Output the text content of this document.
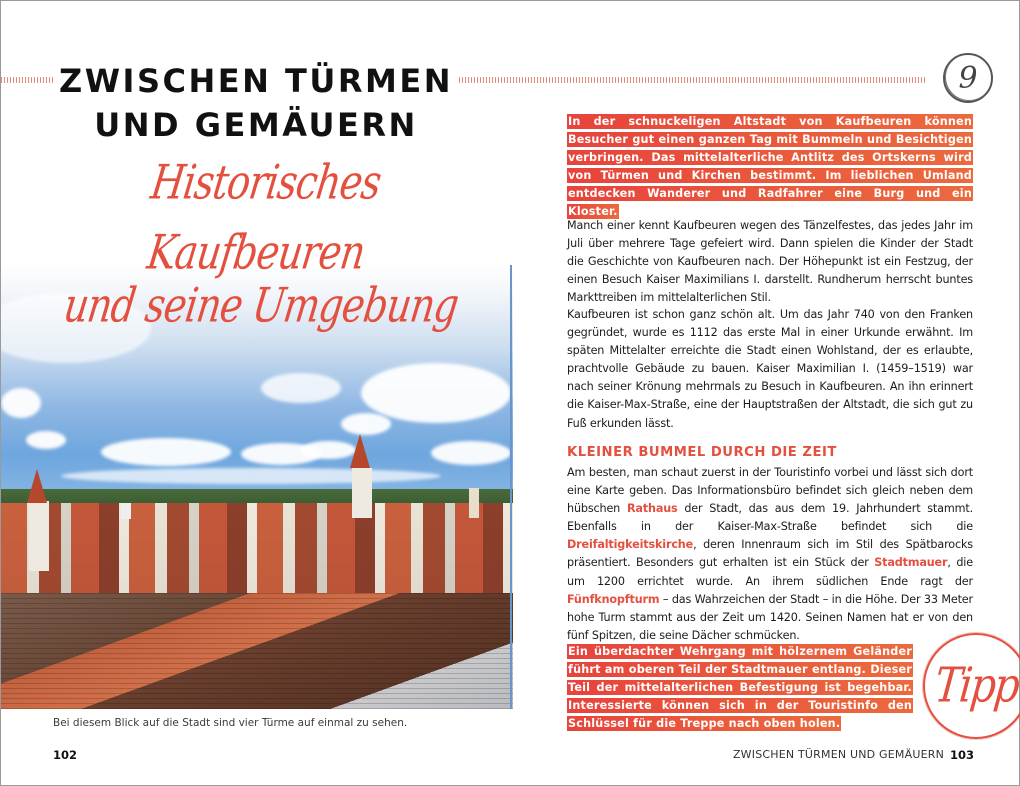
ZWISCHEN TÜRMEN
UND GEMÄUERN
Historisches Kaufbeuren
und seine Umgebung

Bei diesem Blick auf die Stadt sind vier Türme auf einmal zu sehen.

102
9

In der schnuckeligen Altstadt von Kaufbeuren können Besucher gut einen ganzen Tag mit Bummeln und Besichtigen verbringen. Das mittelalterliche Antlitz des Ortskerns wird von Türmen und Kirchen bestimmt. Im lieblichen Umland entdecken Wanderer und Radfahrer eine Burg und ein Kloster.

Manch einer kennt Kaufbeuren wegen des Tänzelfestes, das jedes Jahr im Juli über mehrere Tage gefeiert wird. Dann spielen die Kinder der Stadt die Geschichte von Kaufbeuren nach. Der Höhepunkt ist ein Festzug, der einen Besuch Kaiser Maximilians I. darstellt. Rundherum herrscht buntes Markttreiben im mittelalterlichen Stil.

Kaufbeuren ist schon ganz schön alt. Um das Jahr 740 von den Franken gegründet, wurde es 1112 das erste Mal in einer Urkunde erwähnt. Im späten Mittelalter erreichte die Stadt einen Wohlstand, der es erlaubte, prachtvolle Gebäude zu bauen. Kaiser Maximilian I. (1459–1519) war nach seiner Krönung mehrmals zu Besuch in Kaufbeuren. An ihn erinnert die Kaiser-Max-Straße, eine der Hauptstraßen der Altstadt, die sich gut zu Fuß erkunden lässt.

KLEINER BUMMEL DURCH DIE ZEIT

Am besten, man schaut zuerst in der Touristinfo vorbei und lässt sich dort eine Karte geben. Das Informationsbüro befindet sich gleich neben dem hübschen Rathaus der Stadt, das aus dem 19. Jahrhundert stammt. Ebenfalls in der Kaiser-Max-Straße befindet sich die Dreifaltigkeitskirche, deren Innenraum sich im Stil des Spätbarocks präsentiert. Besonders gut erhalten ist ein Stück der Stadtmauer, die um 1200 errichtet wurde. An ihrem südlichen Ende ragt der Fünfknopfturm – das Wahrzeichen der Stadt – in die Höhe. Der 33 Meter hohe Turm stammt aus der Zeit um 1420. Seinen Namen hat er von den fünf Spitzen, die seine Dächer schmücken.

Ein überdachter Wehrgang mit hölzernem Geländer führt am oberen Teil der Stadtmauer entlang. Dieser Teil der mittelalterlichen Befestigung ist begehbar. Interessierte können sich in der Touristinfo den Schlüssel für die Treppe nach oben holen.

Tipp
ZWISCHEN TÜRMEN UND GEMÄUERN 103
